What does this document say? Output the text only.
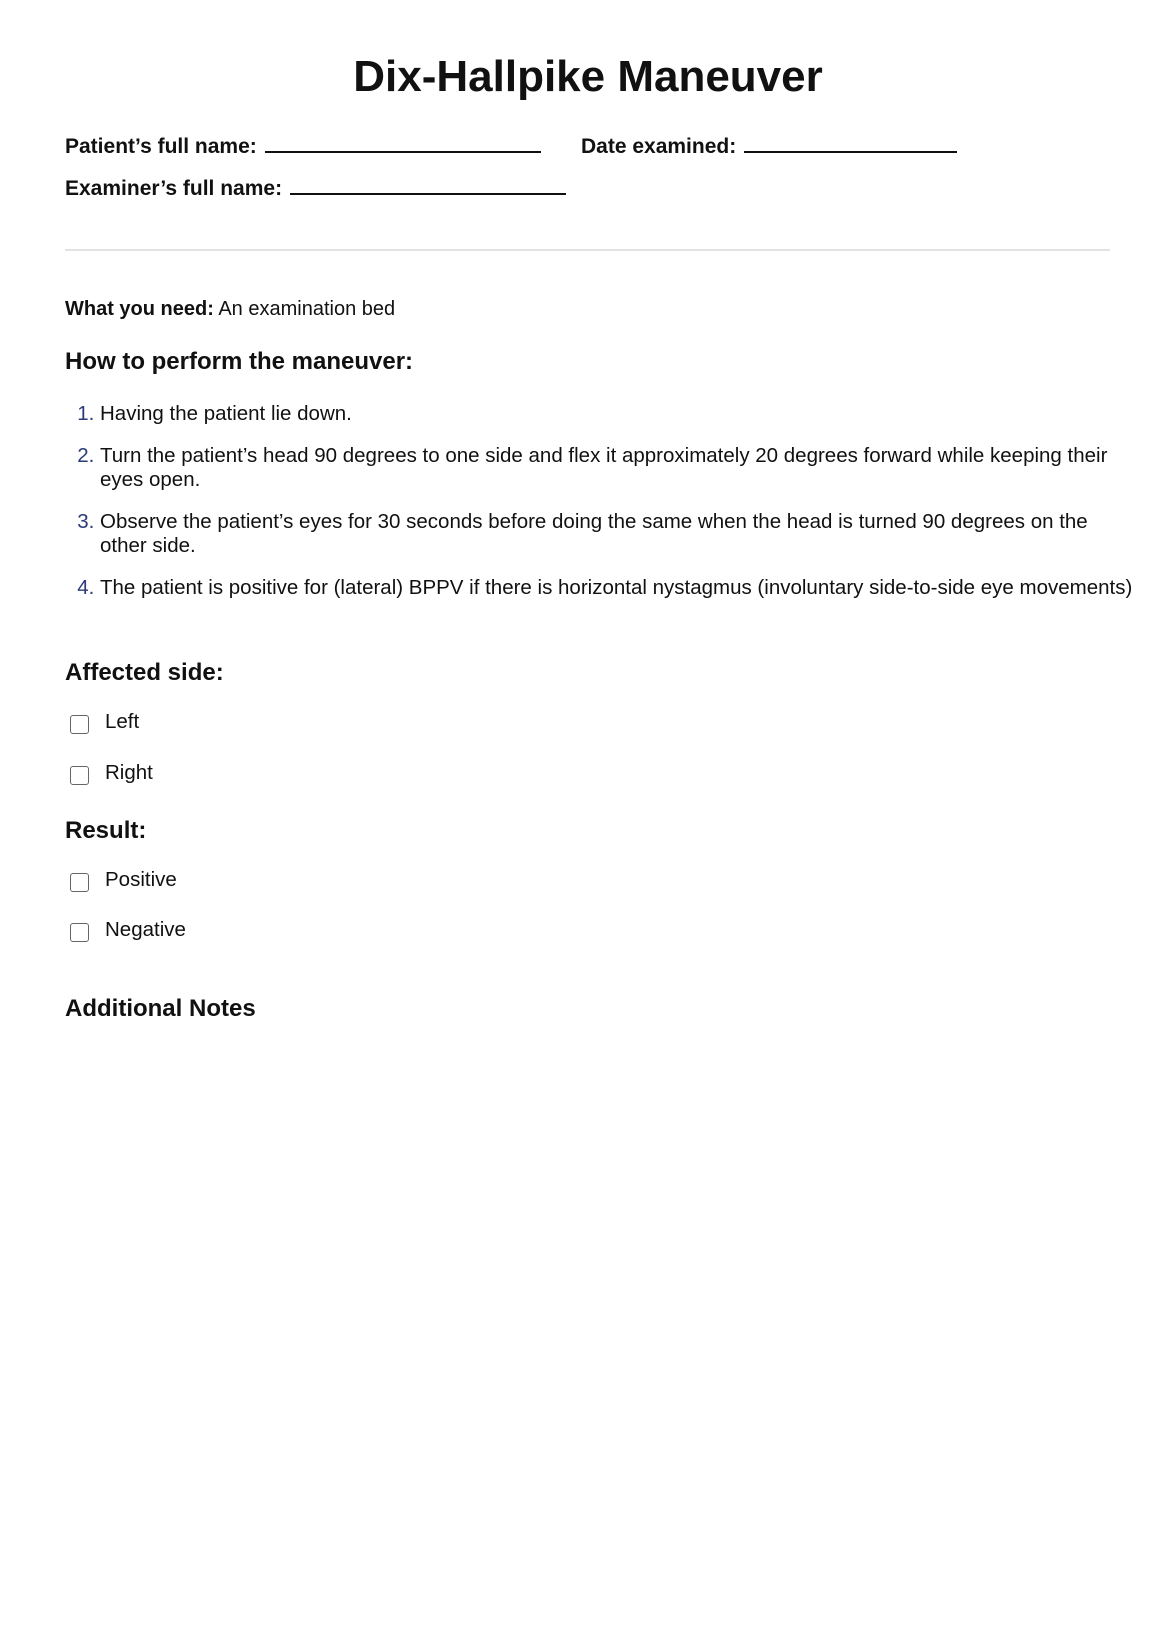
Dix-Hallpike Maneuver
Patient’s full name:	Date examined:
Examiner’s full name:
What you need: An examination bed
How to perform the maneuver:
1. Having the patient lie down.
2. Turn the patient’s head 90 degrees to one side and flex it approximately 20 degrees forward while keeping their eyes open.
3. Observe the patient’s eyes for 30 seconds before doing the same when the head is turned 90 degrees on the other side.
4. The patient is positive for (lateral) BPPV if there is horizontal nystagmus (involuntary side-to-side eye movements)
Affected side:
Left
Right
Result:
Positive
Negative
Additional Notes
